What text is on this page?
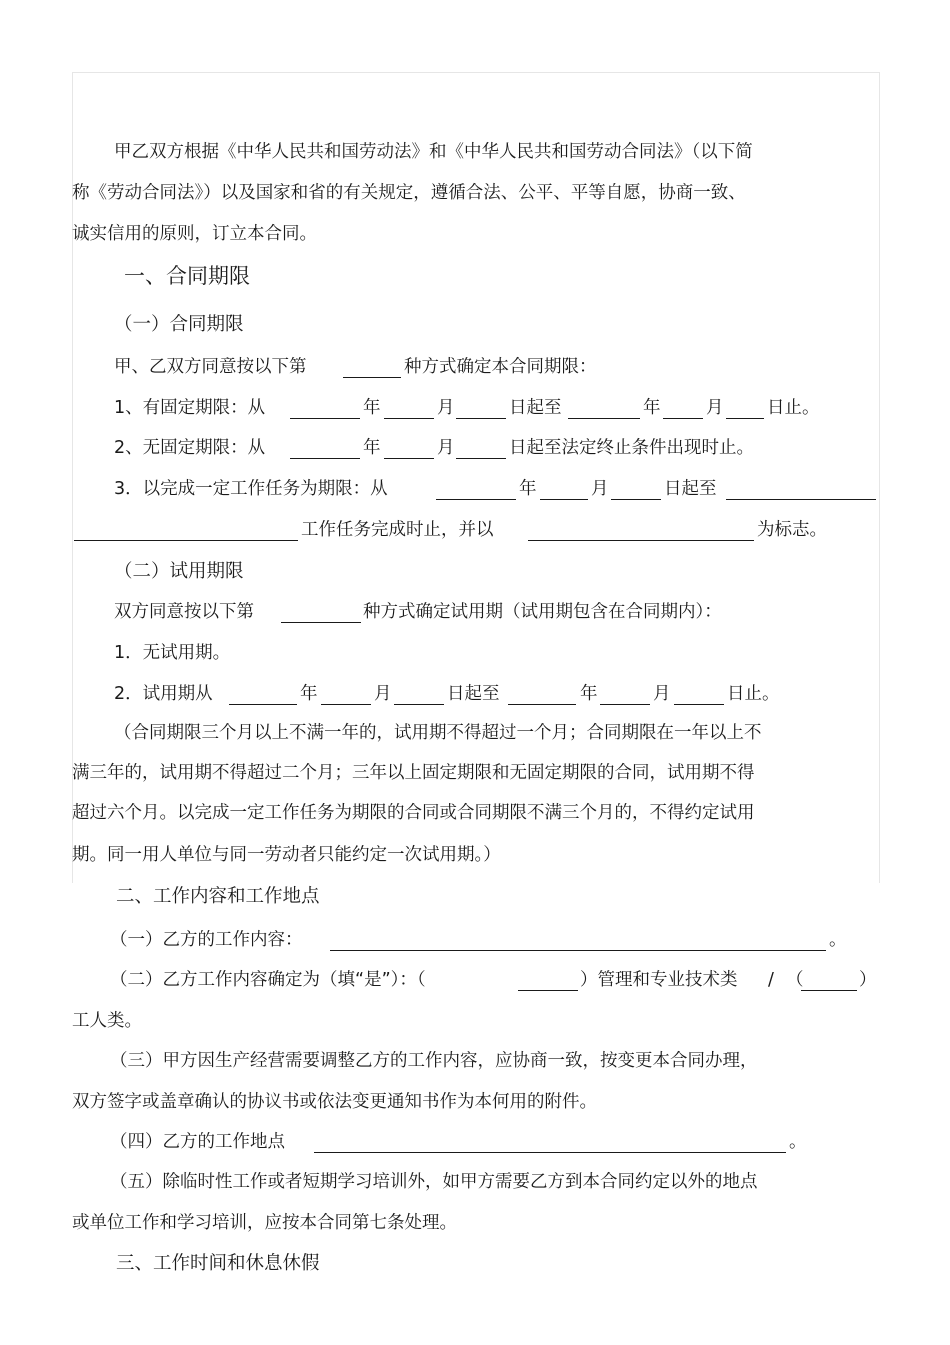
甲乙双方根据《中华人民共和国劳动法》和《中华人民共和国劳动合同法》（以下简
称《劳动合同法》）以及国家和省的有关规定，遵循合法、公平、平等自愿，协商一致、
诚实信用的原则，订立本合同。
一、合同期限
（一）合同期限
甲、乙双方同意按以下第	种方式确定本合同期限：
1、有固定期限：从	年	月	日起至	年	月 日止。
2、无固定期限：从	年	月	日起至法定终止条件出现时止。
3．以完成一定工作任务为期限：从	年	月	日起至
工作任务完成时止，并以	为标志。
（二）试用期限
双方同意按以下第	种方式确定试用期（试用期包含在合同期内）：
1．无试用期。
2．试用期从	年	月	日起至	年	月	日止。
（合同期限三个月以上不满一年的，试用期不得超过一个月；合同期限在一年以上不
满三年的，试用期不得超过二个月；三年以上固定期限和无固定期限的合同，试用期不得
超过六个月。以完成一定工作任务为期限的合同或合同期限不满三个月的，不得约定试用
期。同一用人单位与同一劳动者只能约定一次试用期。）
二、工作内容和工作地点
（一）乙方的工作内容：	。
（二）乙方工作内容确定为（填“是”）：（	）管理和专业技术类 / （	）
工人类。
（三）甲方因生产经营需要调整乙方的工作内容，应协商一致，按变更本合同办理，
双方签字或盖章确认的协议书或依法变更通知书作为本何用的附件。
（四）乙方的工作地点	。
（五）除临时性工作或者短期学习培训外，如甲方需要乙方到本合同约定以外的地点
或单位工作和学习培训，应按本合同第七条处理。
三、工作时间和休息休假
